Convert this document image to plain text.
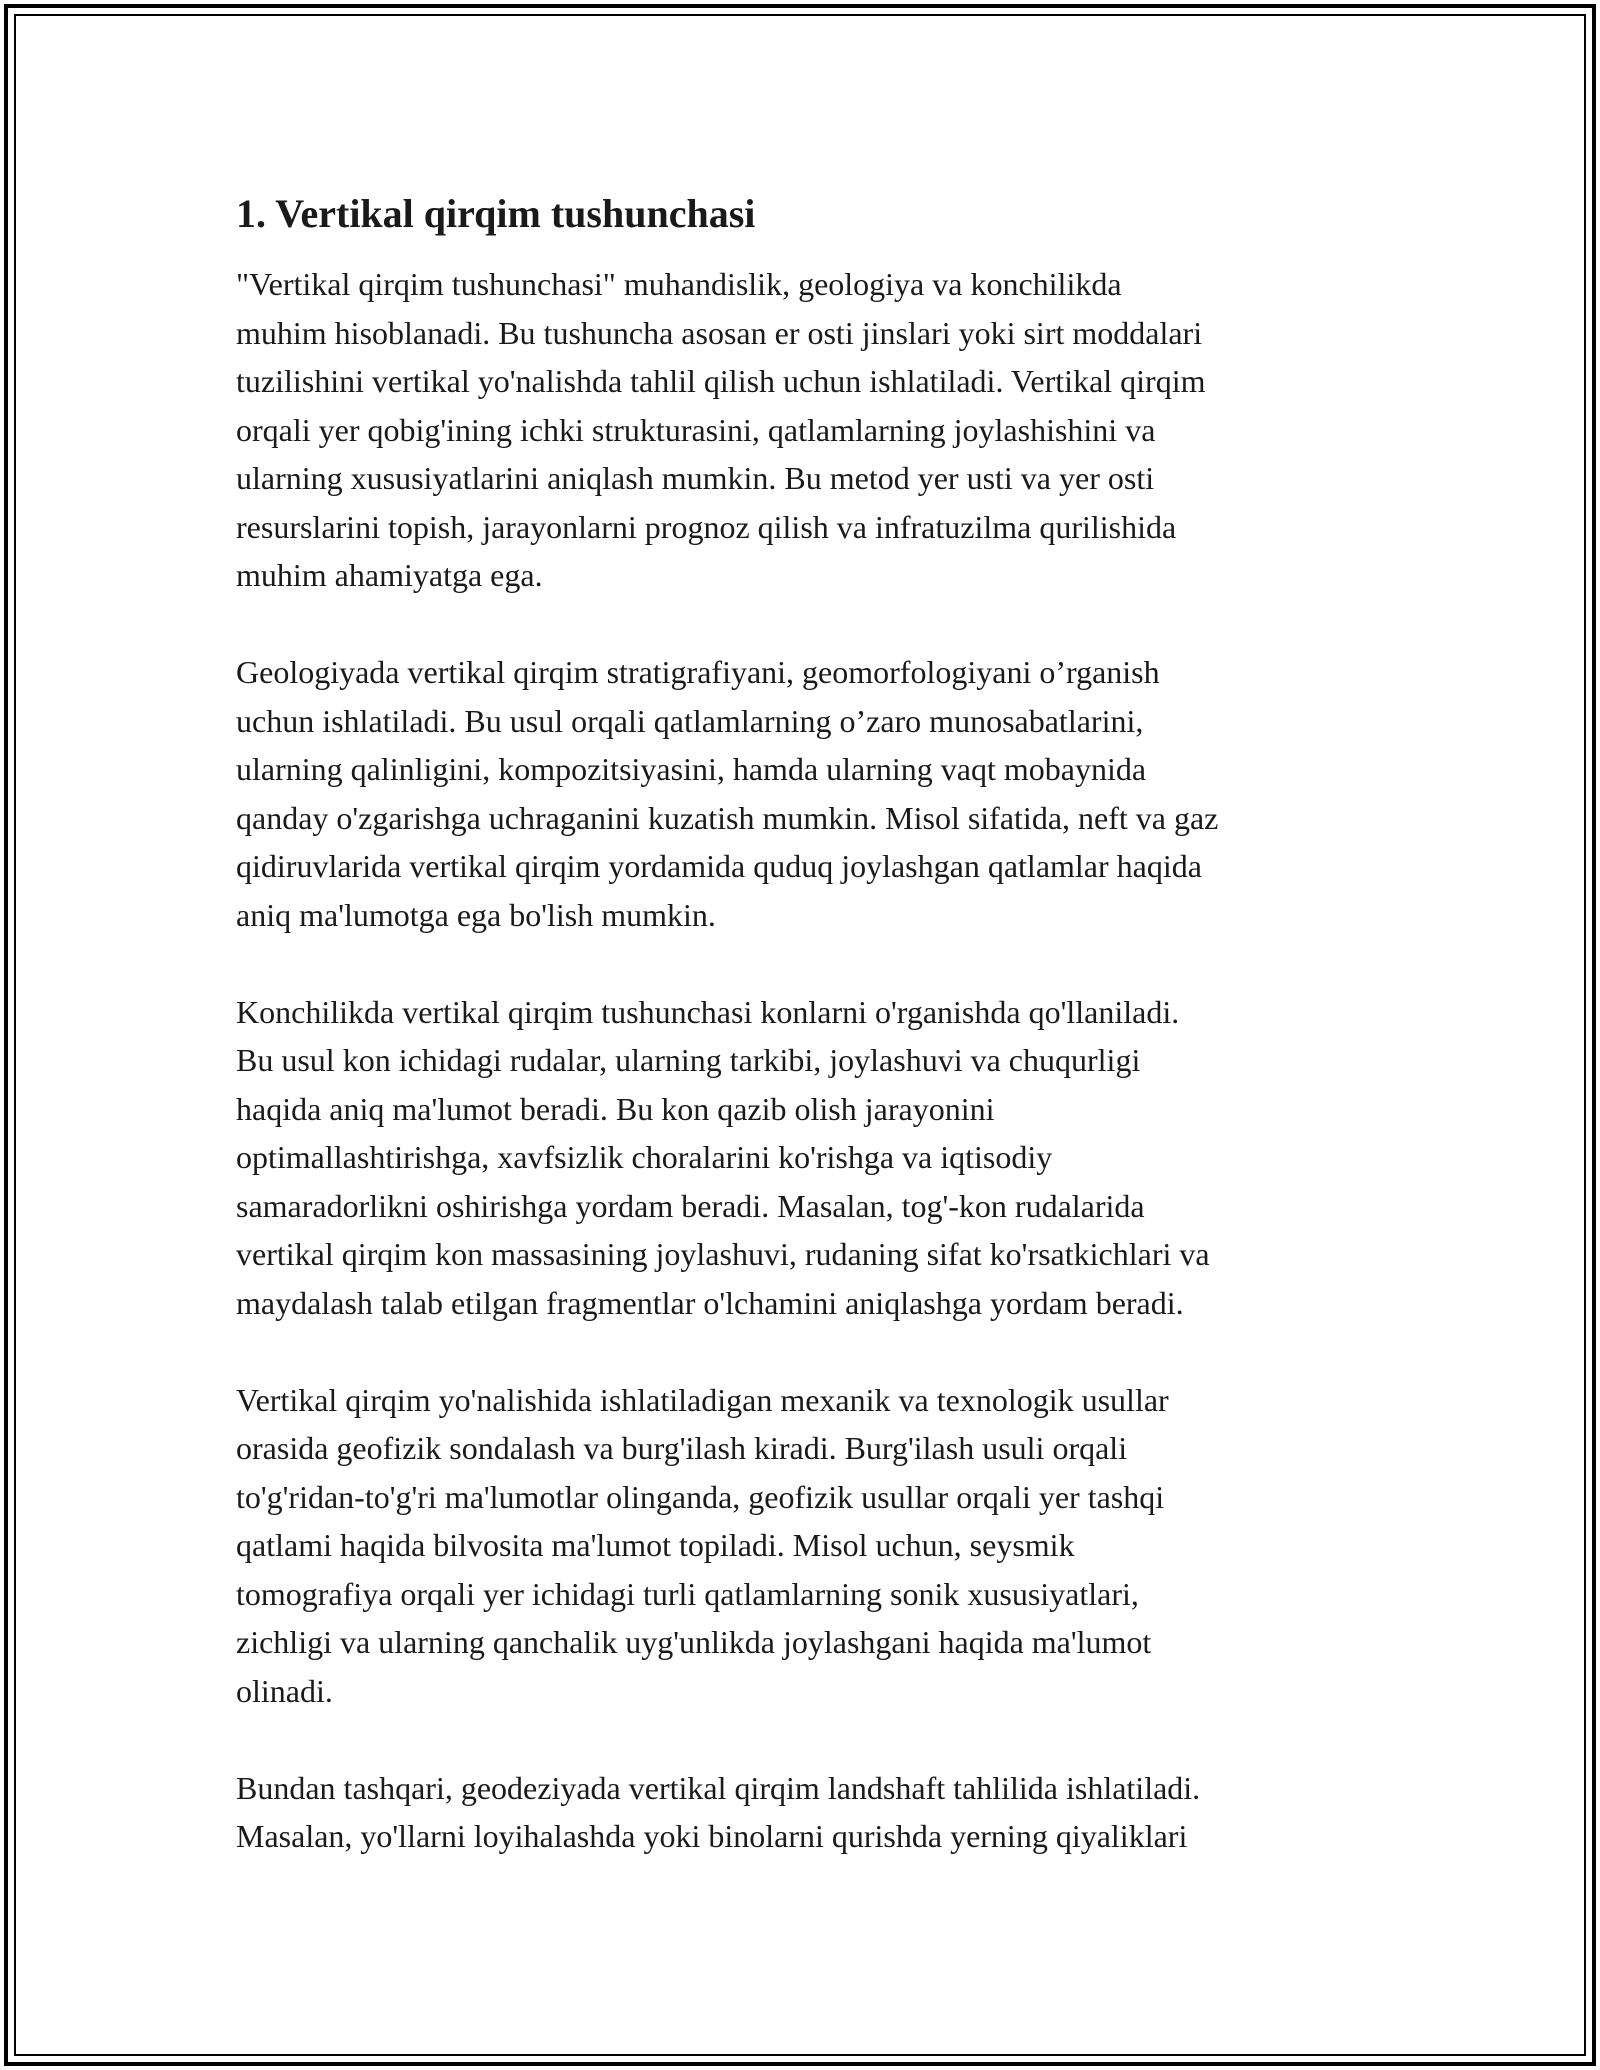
1. Vertikal qirqim tushunchasi
"Vertikal qirqim tushunchasi" muhandislik, geologiya va konchilikda
muhim hisoblanadi. Bu tushuncha asosan er osti jinslari yoki sirt moddalari
tuzilishini vertikal yo'nalishda tahlil qilish uchun ishlatiladi. Vertikal qirqim
orqali yer qobig'ining ichki strukturasini, qatlamlarning joylashishini va
ularning xususiyatlarini aniqlash mumkin. Bu metod yer usti va yer osti
resurslarini topish, jarayonlarni prognoz qilish va infratuzilma qurilishida
muhim ahamiyatga ega.
Geologiyada vertikal qirqim stratigrafiyani, geomorfologiyani o’rganish
uchun ishlatiladi. Bu usul orqali qatlamlarning o’zaro munosabatlarini,
ularning qalinligini, kompozitsiyasini, hamda ularning vaqt mobaynida
qanday o'zgarishga uchraganini kuzatish mumkin. Misol sifatida, neft va gaz
qidiruvlarida vertikal qirqim yordamida quduq joylashgan qatlamlar haqida
aniq ma'lumotga ega bo'lish mumkin.
Konchilikda vertikal qirqim tushunchasi konlarni o'rganishda qo'llaniladi.
Bu usul kon ichidagi rudalar, ularning tarkibi, joylashuvi va chuqurligi
haqida aniq ma'lumot beradi. Bu kon qazib olish jarayonini
optimallashtirishga, xavfsizlik choralarini ko'rishga va iqtisodiy
samaradorlikni oshirishga yordam beradi. Masalan, tog'-kon rudalarida
vertikal qirqim kon massasining joylashuvi, rudaning sifat ko'rsatkichlari va
maydalash talab etilgan fragmentlar o'lchamini aniqlashga yordam beradi.
Vertikal qirqim yo'nalishida ishlatiladigan mexanik va texnologik usullar
orasida geofizik sondalash va burg'ilash kiradi. Burg'ilash usuli orqali
to'g'ridan-to'g'ri ma'lumotlar olinganda, geofizik usullar orqali yer tashqi
qatlami haqida bilvosita ma'lumot topiladi. Misol uchun, seysmik
tomografiya orqali yer ichidagi turli qatlamlarning sonik xususiyatlari,
zichligi va ularning qanchalik uyg'unlikda joylashgani haqida ma'lumot
olinadi.
Bundan tashqari, geodeziyada vertikal qirqim landshaft tahlilida ishlatiladi.
Masalan, yo'llarni loyihalashda yoki binolarni qurishda yerning qiyaliklari
